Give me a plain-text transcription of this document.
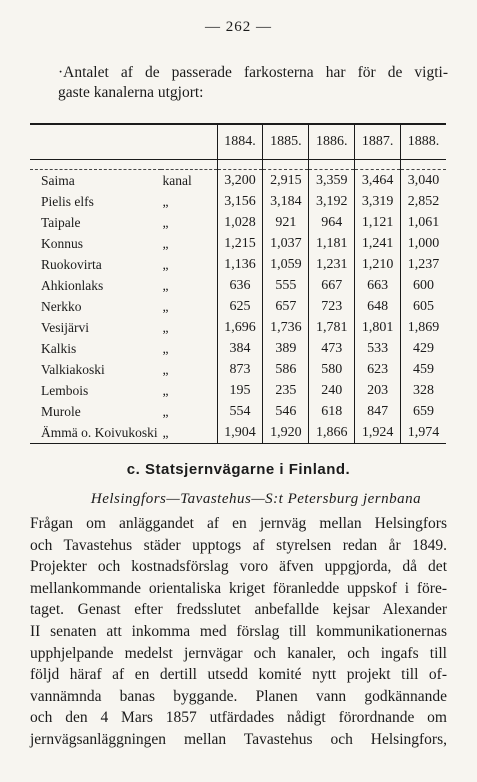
— 262 —
·Antalet af de passerade farkosterna har för de vigti-
gaste kanalerna utgjort:
		1884.	1885.	1886.	1887.	1888.

Saima	kanal	3,200	2,915	3,359	3,464	3,040
Pielis elfs	„	3,156	3,184	3,192	3,319	2,852
Taipale	„	1,028	921	964	1,121	1,061
Konnus	„	1,215	1,037	1,181	1,241	1,000
Ruokovirta	„	1,136	1,059	1,231	1,210	1,237
Ahkionlaks	„	636	555	667	663	600
Nerkko	„	625	657	723	648	605
Vesijärvi	„	1,696	1,736	1,781	1,801	1,869
Kalkis	„	384	389	473	533	429
Valkiakoski	„	873	586	580	623	459
Lembois	„	195	235	240	203	328
Murole	„	554	546	618	847	659
Ämmä o. Koivukoski	„	1,904	1,920	1,866	1,924	1,974
c. Statsjernvägarne i Finland.
Helsingfors—Tavastehus—S:t Petersburg jernbana
Frågan om anläggandet af en jernväg mellan Helsingfors
och Tavastehus städer upptogs af styrelsen redan år 1849.
Projekter och kostnadsförslag voro äfven uppgjorda, då det
mellankommande orientaliska kriget föranledde uppskof i före-
taget. Genast efter fredsslutet anbefallde kejsar Alexander
II senaten att inkomma med förslag till kommunikationernas
upphjelpande medelst jernvägar och kanaler, och ingafs till
följd häraf af en dertill utsedd komité nytt projekt till of-
vannämnda banas byggande. Planen vann godkännande
och den 4 Mars 1857 utfärdades nådigt förordnande om
jernvägsanläggningen mellan Tavastehus och Helsingfors,
